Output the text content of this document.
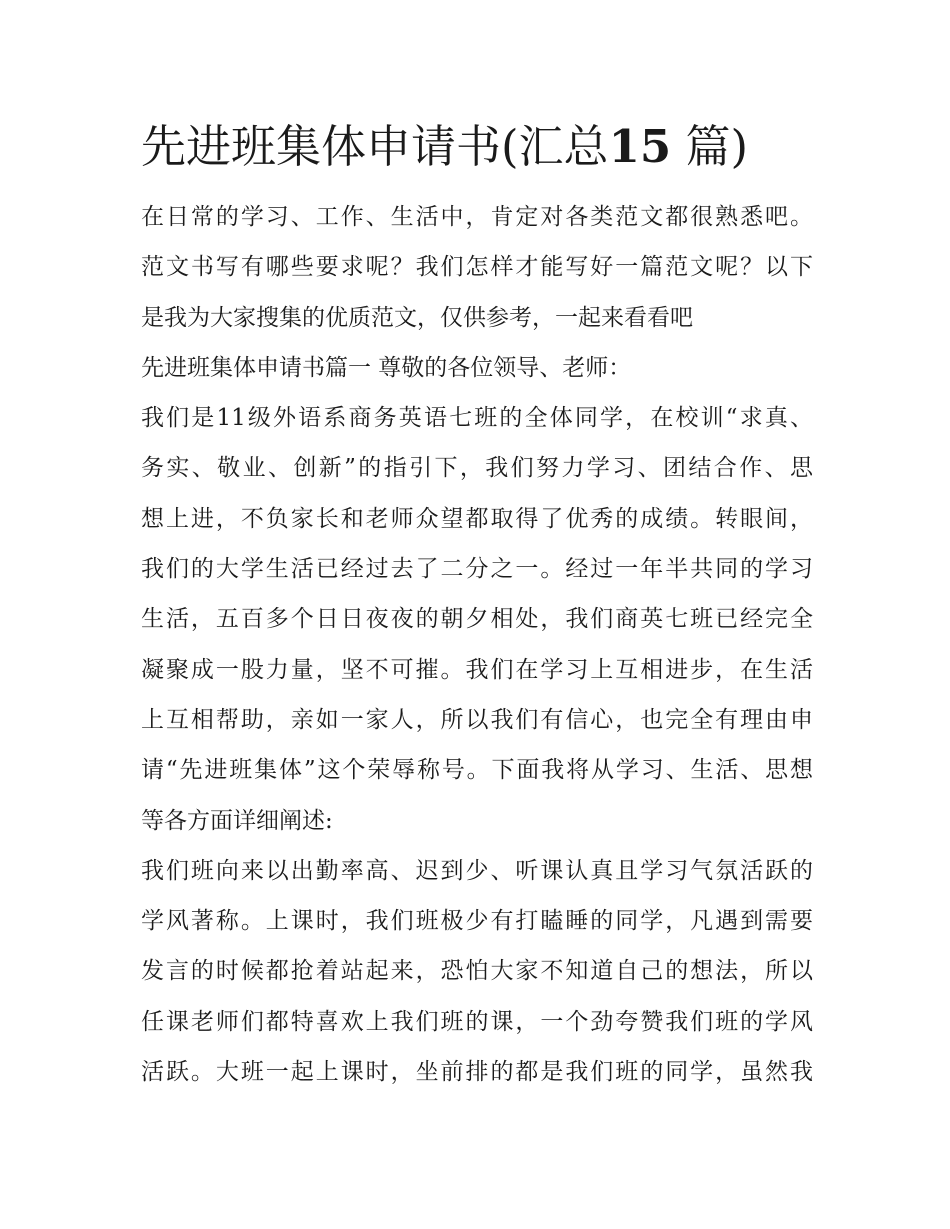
先进班集体申请书(汇总15 篇)

在日常的学习、工作、生活中，肯定对各类范文都很熟悉吧。
范文书写有哪些要求呢？我们怎样才能写好一篇范文呢？以下
是我为大家搜集的优质范文，仅供参考，一起来看看吧

先进班集体申请书篇一 尊敬的各位领导、老师：

我们是11级外语系商务英语七班的全体同学，在校训“求真、
务实、敬业、创新”的指引下，我们努力学习、团结合作、思
想上进，不负家长和老师众望都取得了优秀的成绩。转眼间，
我们的大学生活已经过去了二分之一。经过一年半共同的学习
生活，五百多个日日夜夜的朝夕相处，我们商英七班已经完全
凝聚成一股力量，坚不可摧。我们在学习上互相进步，在生活
上互相帮助，亲如一家人，所以我们有信心，也完全有理由申
请“先进班集体”这个荣辱称号。下面我将从学习、生活、思想
等各方面详细阐述:

我们班向来以出勤率高、迟到少、听课认真且学习气氛活跃的
学风著称。上课时，我们班极少有打瞌睡的同学，凡遇到需要
发言的时候都抢着站起来，恐怕大家不知道自己的想法，所以
任课老师们都特喜欢上我们班的课，一个劲夸赞我们班的学风
活跃。大班一起上课时，坐前排的都是我们班的同学，虽然我
